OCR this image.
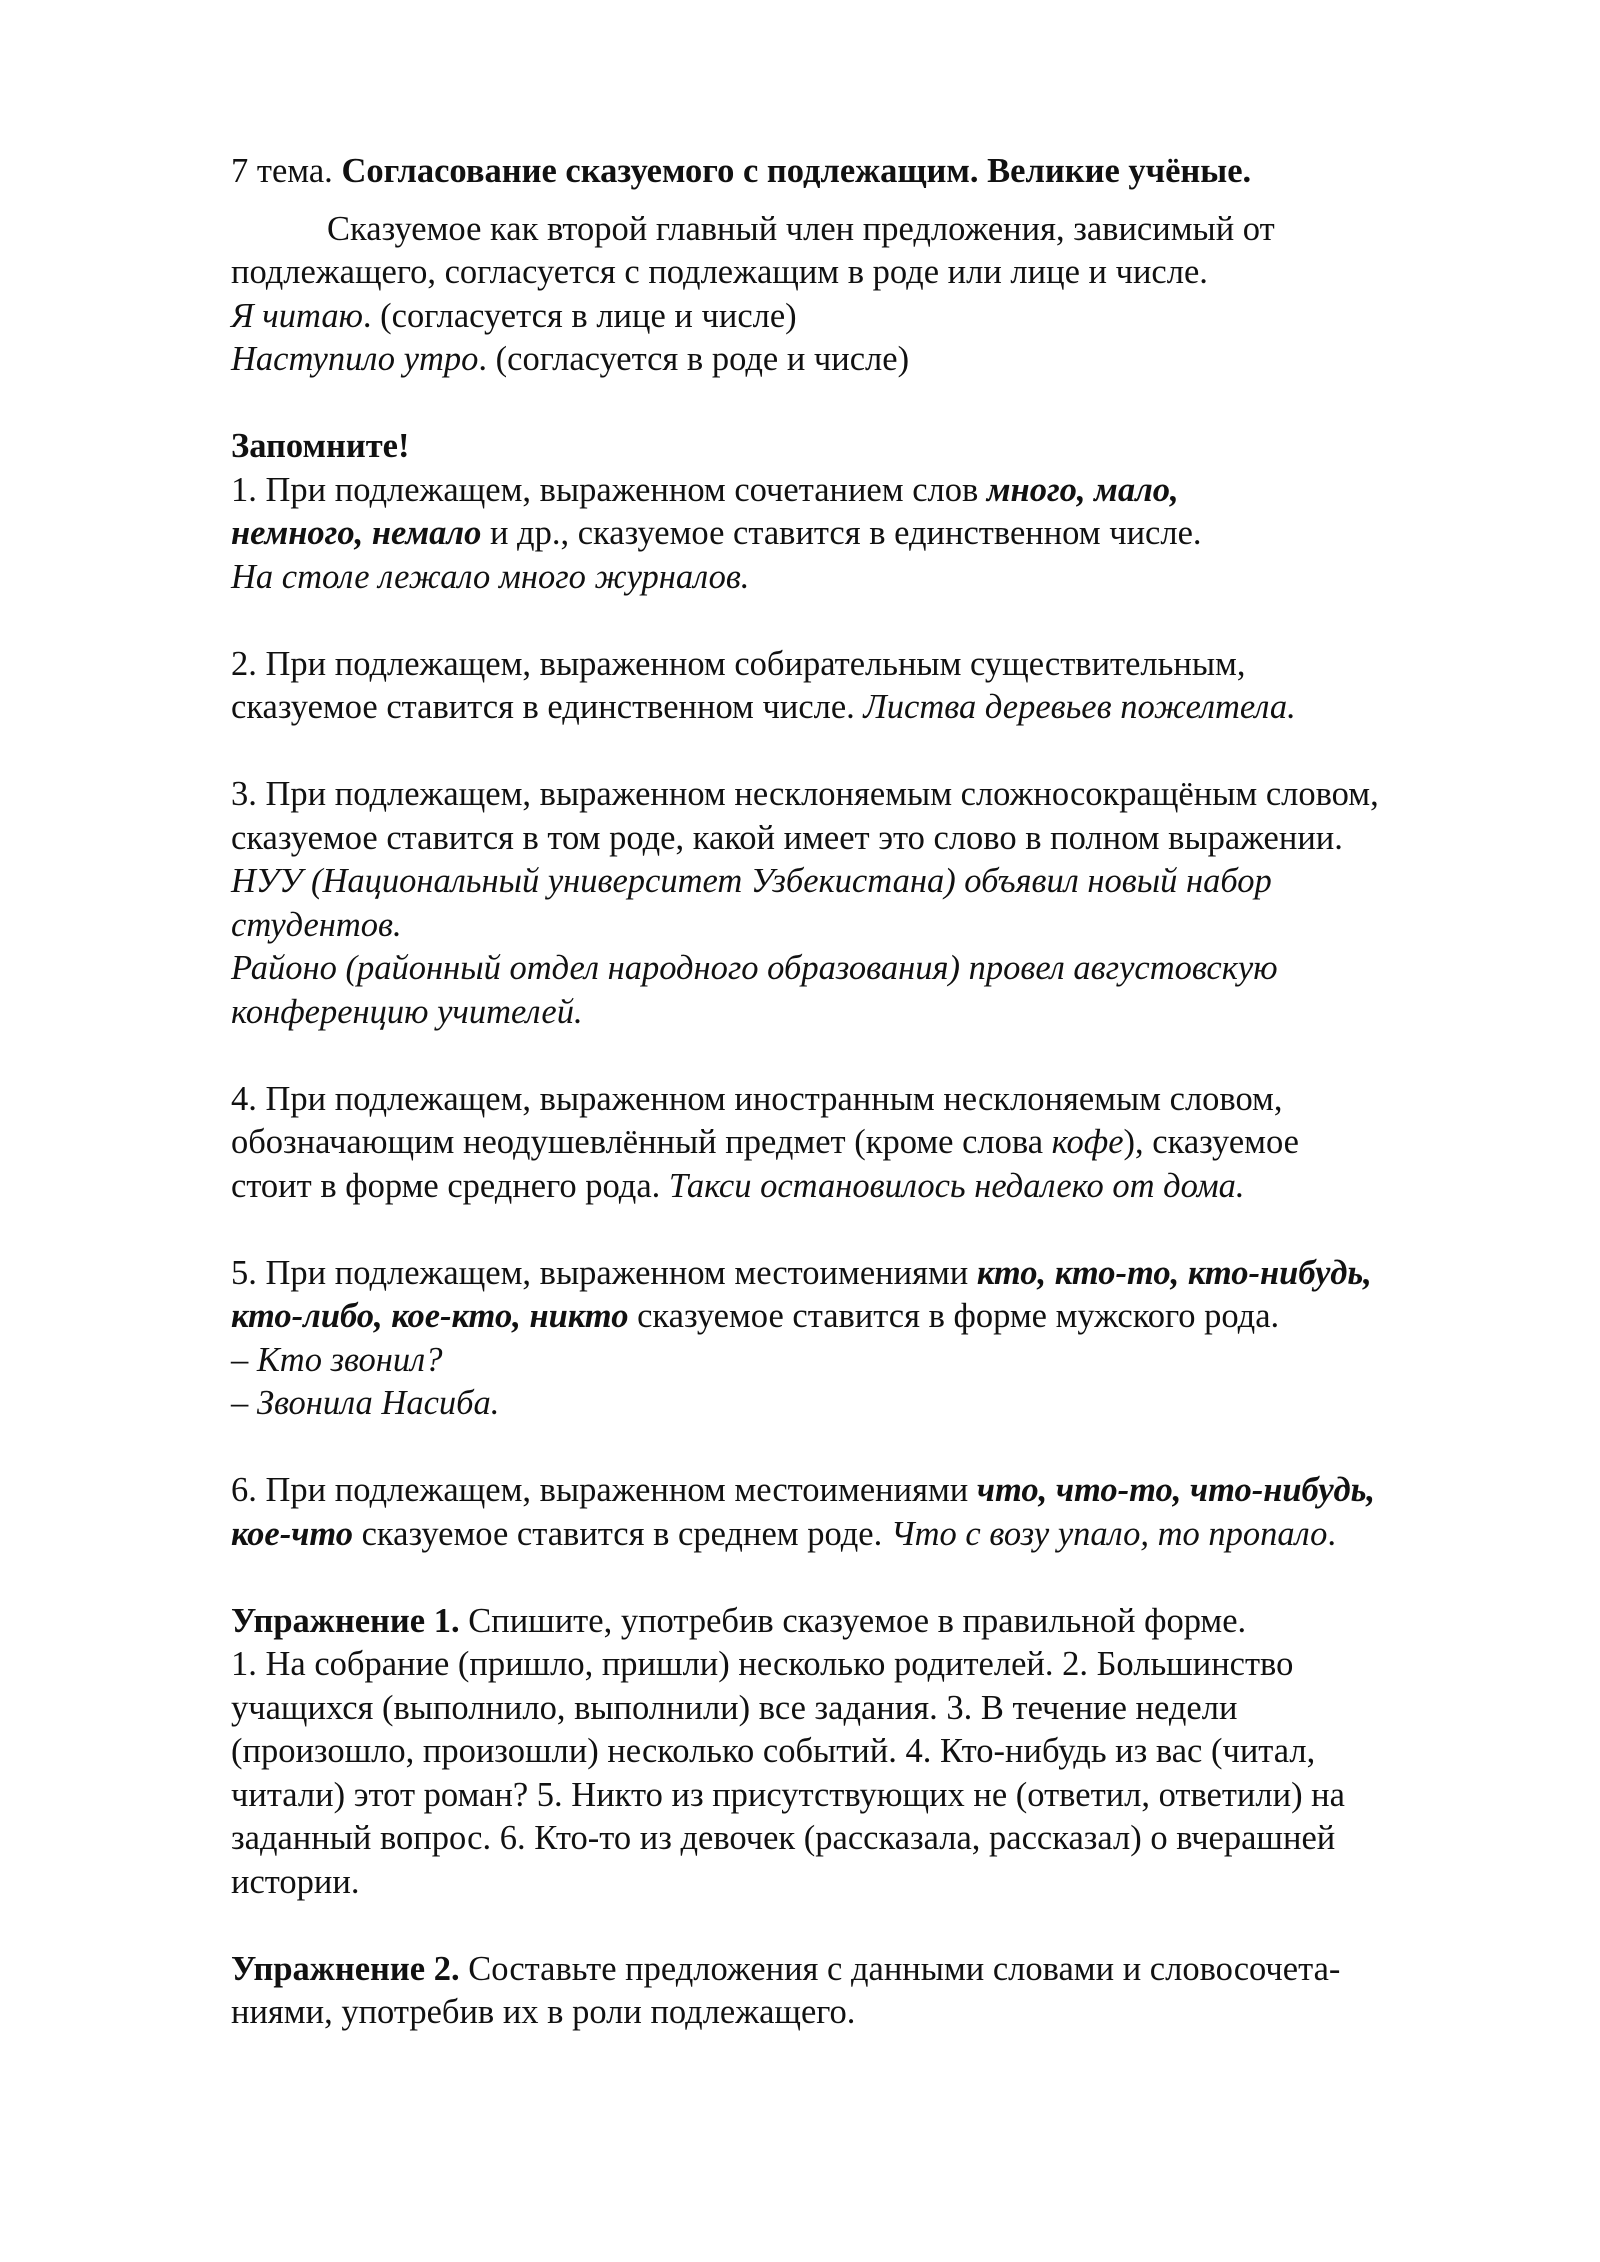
7 тема. Согласование сказуемого с подлежащим. Великие учёные.
Сказуемое как второй главный член предложения, зависимый от
подлежащего, согласуется с подлежащим в роде или лице и числе.
Я читаю. (согласуется в лице и числе)
Наступило утро. (согласуется в роде и числе)
Запомните!
1. При подлежащем, выраженном сочетанием слов много, мало,
немного, немало и др., сказуемое ставится в единственном числе.
На столе лежало много журналов.
2. При подлежащем, выраженном собирательным существительным,
сказуемое ставится в единственном числе. Листва деревьев пожелтела.
3. При подлежащем, выраженном несклоняемым сложносокращёным словом,
сказуемое ставится в том роде, какой имеет это слово в полном выражении.
НУУ (Национальный университет Узбекистана) объявил новый набор
студентов.
Районо (районный отдел народного образования) провел августовскую
конференцию учителей.
4. При подлежащем, выраженном иностранным несклоняемым словом,
обозначающим неодушевлённый предмет (кроме слова кофе), сказуемое
стоит в форме среднего рода. Такси остановилось недалеко от дома.
5. При подлежащем, выраженном местоимениями кто, кто-то, кто-нибудь,
кто-либо, кое-кто, никто сказуемое ставится в форме мужского рода.
– Кто звонил?
– Звонила Насиба.
6. При подлежащем, выраженном местоимениями что, что-то, что-нибудь,
кое-что сказуемое ставится в среднем роде. Что с возу упало, то пропало.
Упражнение 1. Спишите, употребив сказуемое в правильной форме.
1. На собрание (пришло, пришли) несколько родителей. 2. Большинство
учащихся (выполнило, выполнили) все задания. 3. В течение недели
(произошло, произошли) несколько событий. 4. Кто-нибудь из вас (читал,
читали) этот роман? 5. Никто из присутствующих не (ответил, ответили) на
заданный вопрос. 6. Кто-то из девочек (рассказала, рассказал) о вчерашней
истории.
Упражнение 2. Составьте предложения с данными словами и словосочета-
ниями, употребив их в роли подлежащего.
